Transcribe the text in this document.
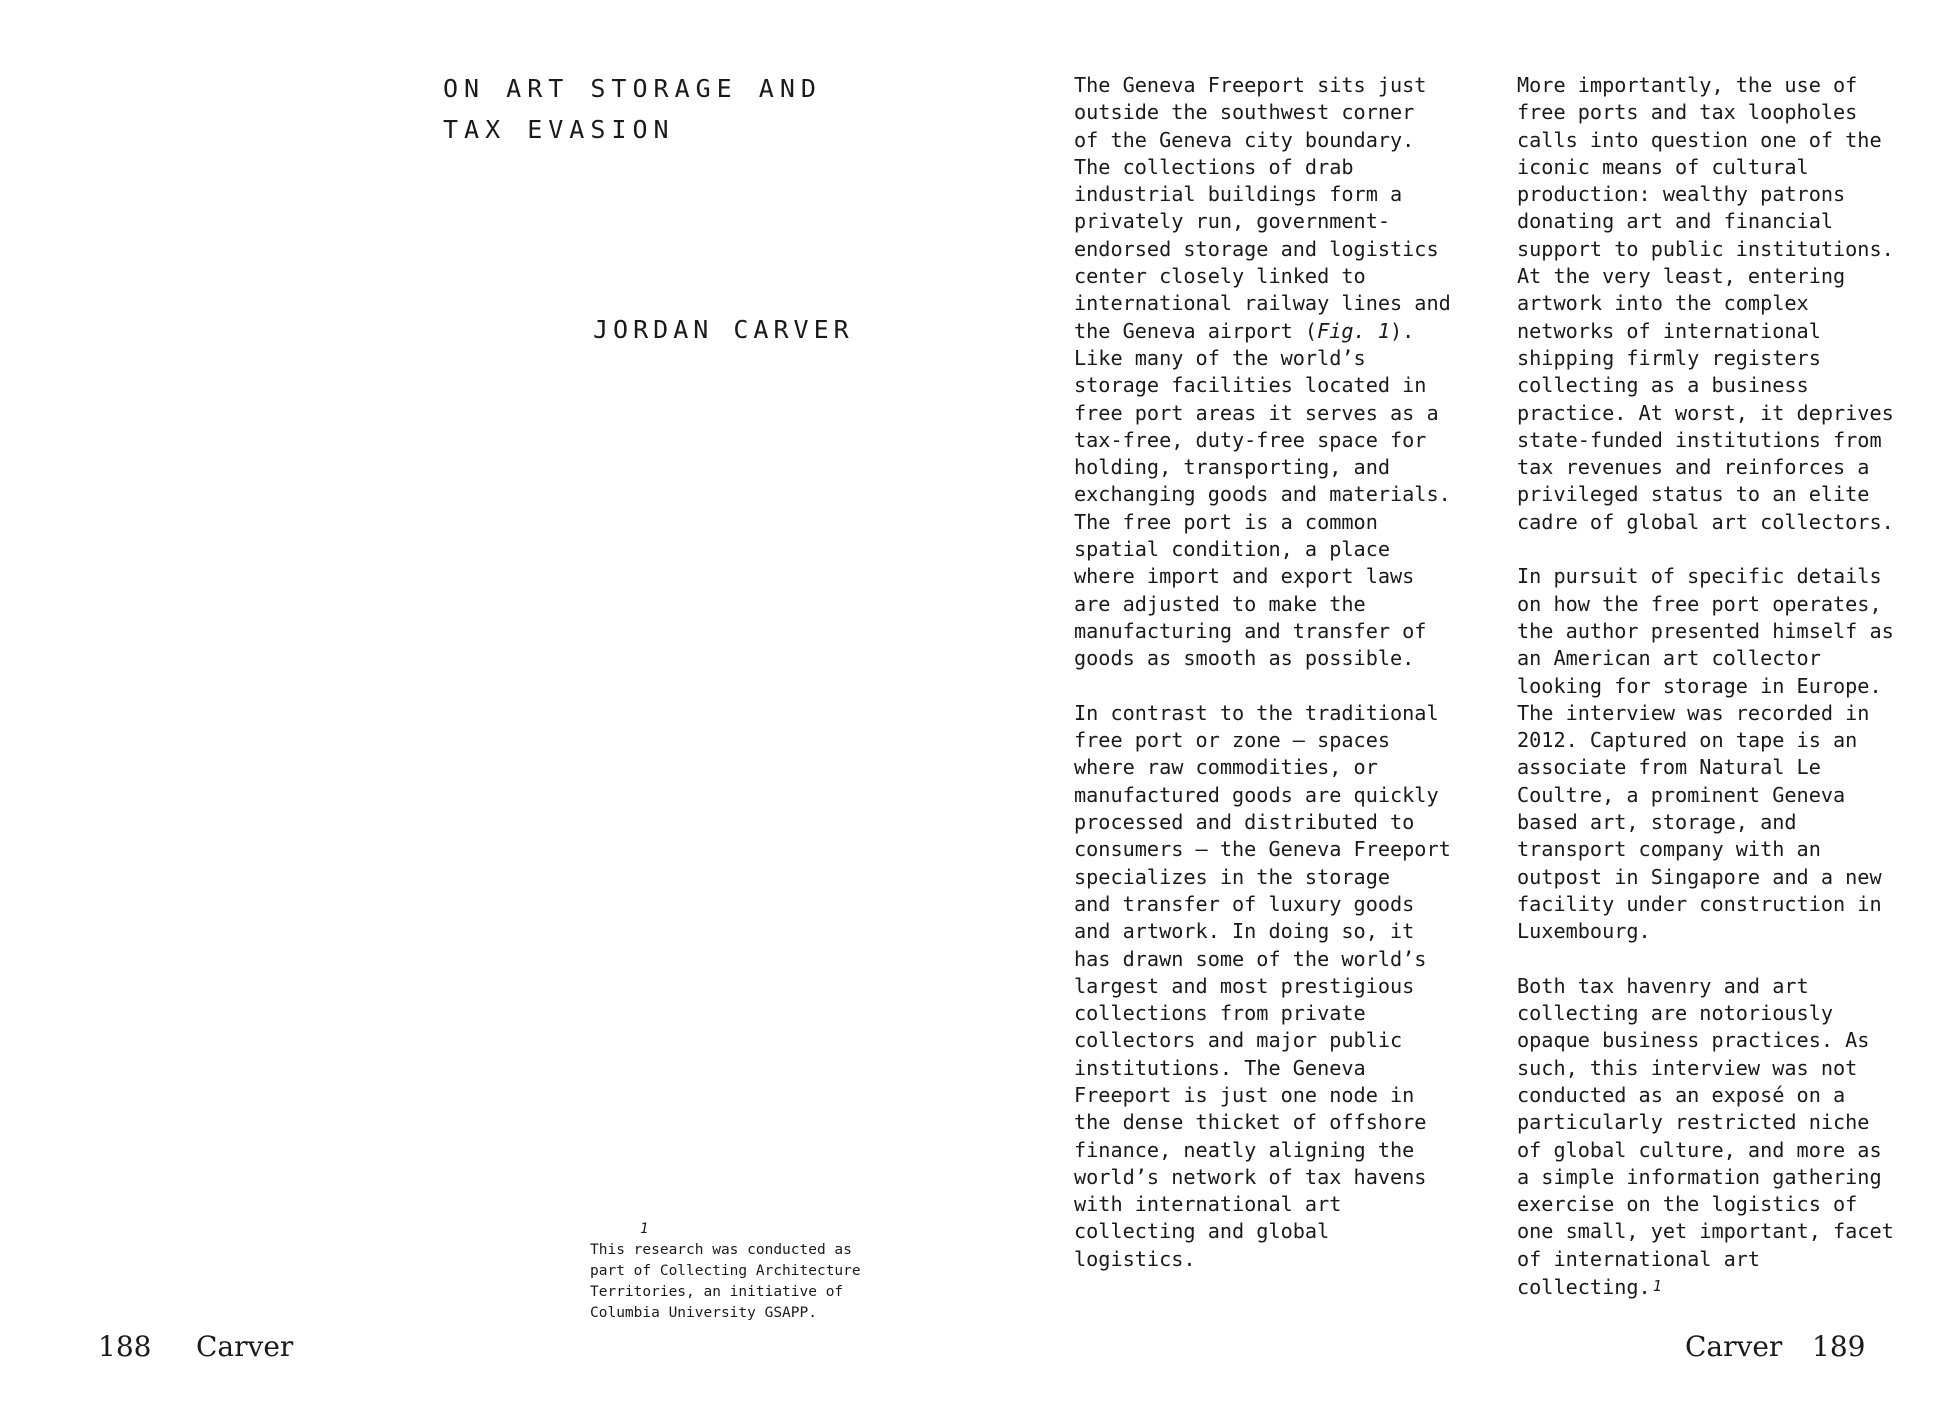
ON ART STORAGE AND
TAX EVASION
JORDAN CARVER
1
This research was conducted as
part of Collecting Architecture
Territories, an initiative of
Columbia University GSAPP.
188 Carver

The Geneva Freeport sits just
outside the southwest corner
of the Geneva city boundary.
The collections of drab
industrial buildings form a
privately run, government-
endorsed storage and logistics
center closely linked to
international railway lines and
the Geneva airport (Fig. 1).
Like many of the world’s
storage facilities located in
free port areas it serves as a
tax-free, duty-free space for
holding, transporting, and
exchanging goods and materials.
The free port is a common
spatial condition, a place
where import and export laws
are adjusted to make the
manufacturing and transfer of
goods as smooth as possible.

In contrast to the traditional
free port or zone — spaces
where raw commodities, or
manufactured goods are quickly
processed and distributed to
consumers — the Geneva Freeport
specializes in the storage
and transfer of luxury goods
and artwork. In doing so, it
has drawn some of the world’s
largest and most prestigious
collections from private
collectors and major public
institutions. The Geneva
Freeport is just one node in
the dense thicket of offshore
finance, neatly aligning the
world’s network of tax havens
with international art
collecting and global
logistics.

More importantly, the use of
free ports and tax loopholes
calls into question one of the
iconic means of cultural
production: wealthy patrons
donating art and financial
support to public institutions.
At the very least, entering
artwork into the complex
networks of international
shipping firmly registers
collecting as a business
practice. At worst, it deprives
state-funded institutions from
tax revenues and reinforces a
privileged status to an elite
cadre of global art collectors.

In pursuit of specific details
on how the free port operates,
the author presented himself as
an American art collector
looking for storage in Europe.
The interview was recorded in
2012. Captured on tape is an
associate from Natural Le
Coultre, a prominent Geneva
based art, storage, and
transport company with an
outpost in Singapore and a new
facility under construction in
Luxembourg.

Both tax havenry and art
collecting are notoriously
opaque business practices. As
such, this interview was not
conducted as an exposé on a
particularly restricted niche
of global culture, and more as
a simple information gathering
exercise on the logistics of
one small, yet important, facet
of international art
collecting. $^1$

Carver 189
